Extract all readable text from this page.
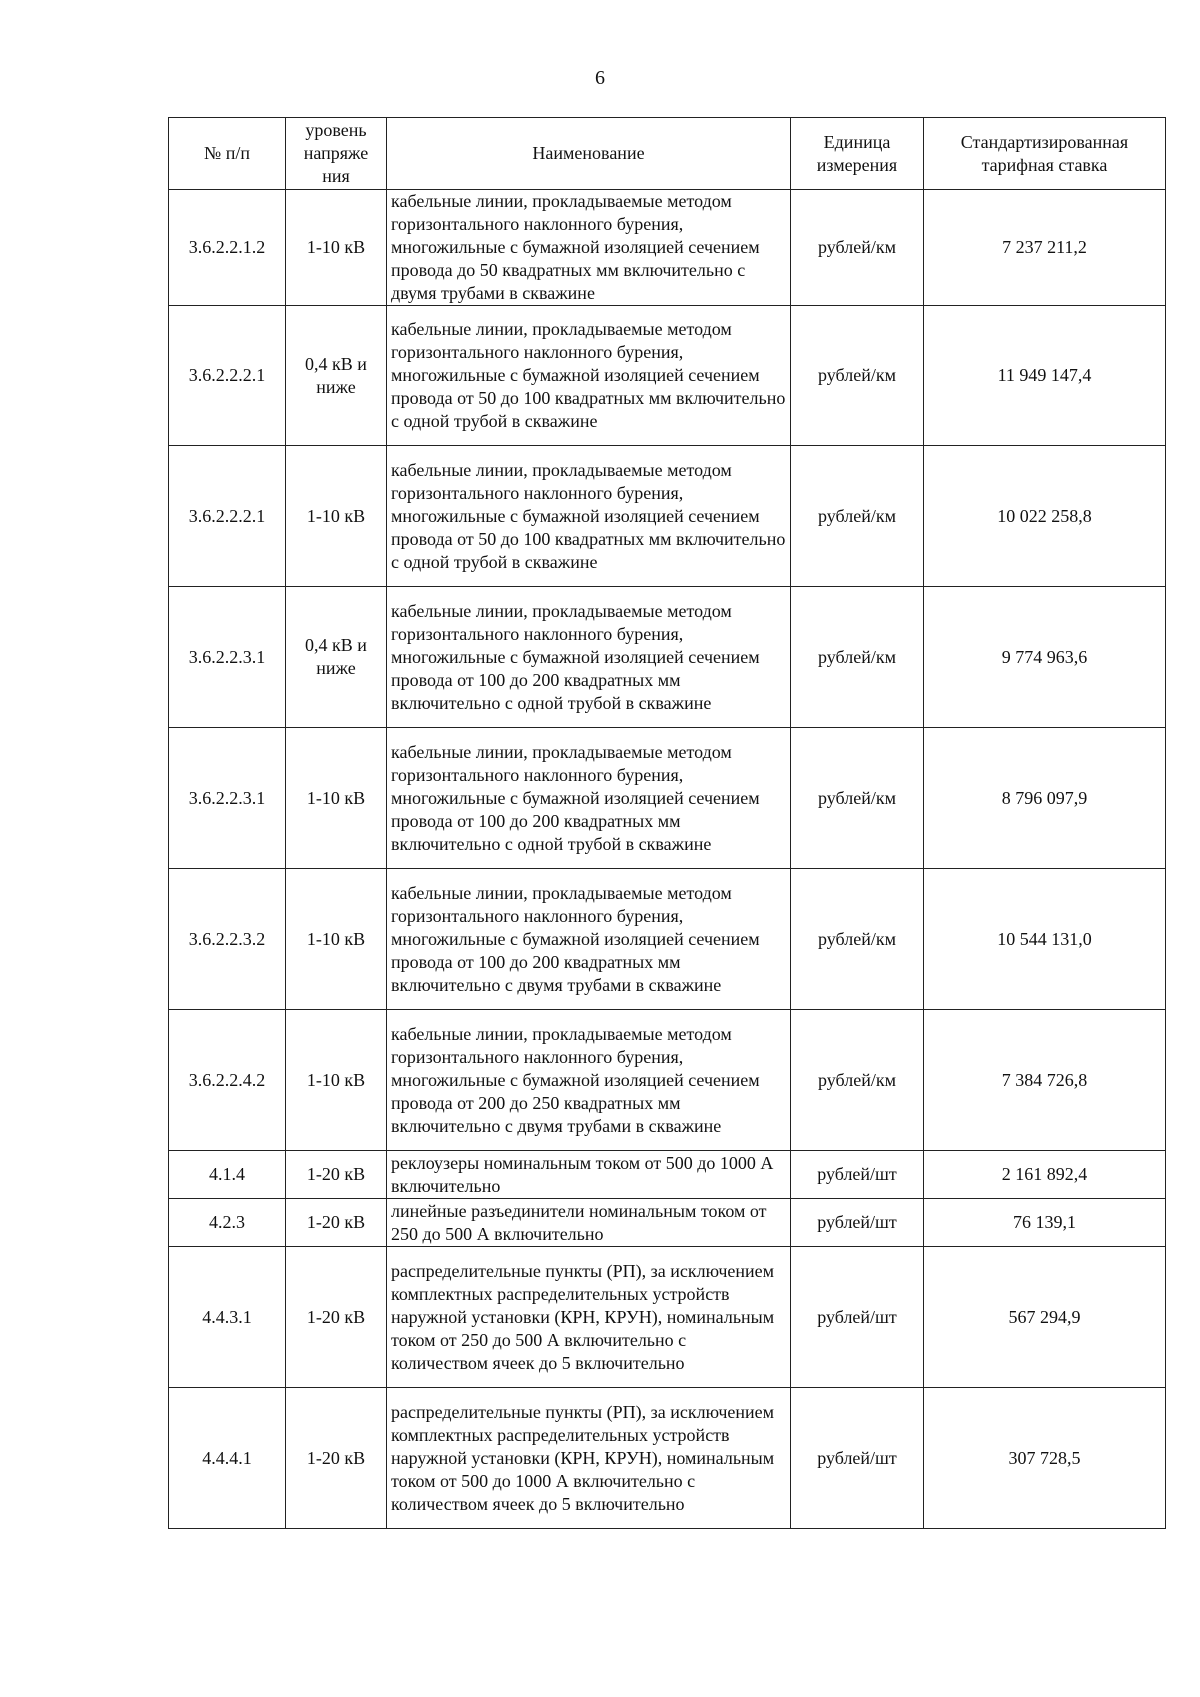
6
№ п/п	уровень напряже ния	Наименование	Единица измерения	Стандартизированная тарифная ставка
3.6.2.2.1.2	1-10 кВ	кабельные линии, прокладываемые методом горизонтального наклонного бурения, многожильные с бумажной изоляцией сечением провода до 50 квадратных мм включительно с двумя трубами в скважине	рублей/км	7 237 211,2
3.6.2.2.2.1	0,4 кВ и ниже	кабельные линии, прокладываемые методом горизонтального наклонного бурения, многожильные с бумажной изоляцией сечением провода от 50 до 100 квадратных мм включительно с одной трубой в скважине	рублей/км	11 949 147,4
3.6.2.2.2.1	1-10 кВ	кабельные линии, прокладываемые методом горизонтального наклонного бурения, многожильные с бумажной изоляцией сечением провода от 50 до 100 квадратных мм включительно с одной трубой в скважине	рублей/км	10 022 258,8
3.6.2.2.3.1	0,4 кВ и ниже	кабельные линии, прокладываемые методом горизонтального наклонного бурения, многожильные с бумажной изоляцией сечением провода от 100 до 200 квадратных мм включительно с одной трубой в скважине	рублей/км	9 774 963,6
3.6.2.2.3.1	1-10 кВ	кабельные линии, прокладываемые методом горизонтального наклонного бурения, многожильные с бумажной изоляцией сечением провода от 100 до 200 квадратных мм включительно с одной трубой в скважине	рублей/км	8 796 097,9
3.6.2.2.3.2	1-10 кВ	кабельные линии, прокладываемые методом горизонтального наклонного бурения, многожильные с бумажной изоляцией сечением провода от 100 до 200 квадратных мм включительно с двумя трубами в скважине	рублей/км	10 544 131,0
3.6.2.2.4.2	1-10 кВ	кабельные линии, прокладываемые методом горизонтального наклонного бурения, многожильные с бумажной изоляцией сечением провода от 200 до 250 квадратных мм включительно с двумя трубами в скважине	рублей/км	7 384 726,8
4.1.4	1-20 кВ	реклоузеры номинальным током от 500 до 1000 А включительно	рублей/шт	2 161 892,4
4.2.3	1-20 кВ	линейные разъединители номинальным током от 250 до 500 А включительно	рублей/шт	76 139,1
4.4.3.1	1-20 кВ	распределительные пункты (РП), за исключением комплектных распределительных устройств наружной установки (КРН, КРУН), номинальным током от 250 до 500 А включительно с количеством ячеек до 5 включительно	рублей/шт	567 294,9
4.4.4.1	1-20 кВ	распределительные пункты (РП), за исключением комплектных распределительных устройств наружной установки (КРН, КРУН), номинальным током от 500 до 1000 А включительно с количеством ячеек до 5 включительно	рублей/шт	307 728,5
